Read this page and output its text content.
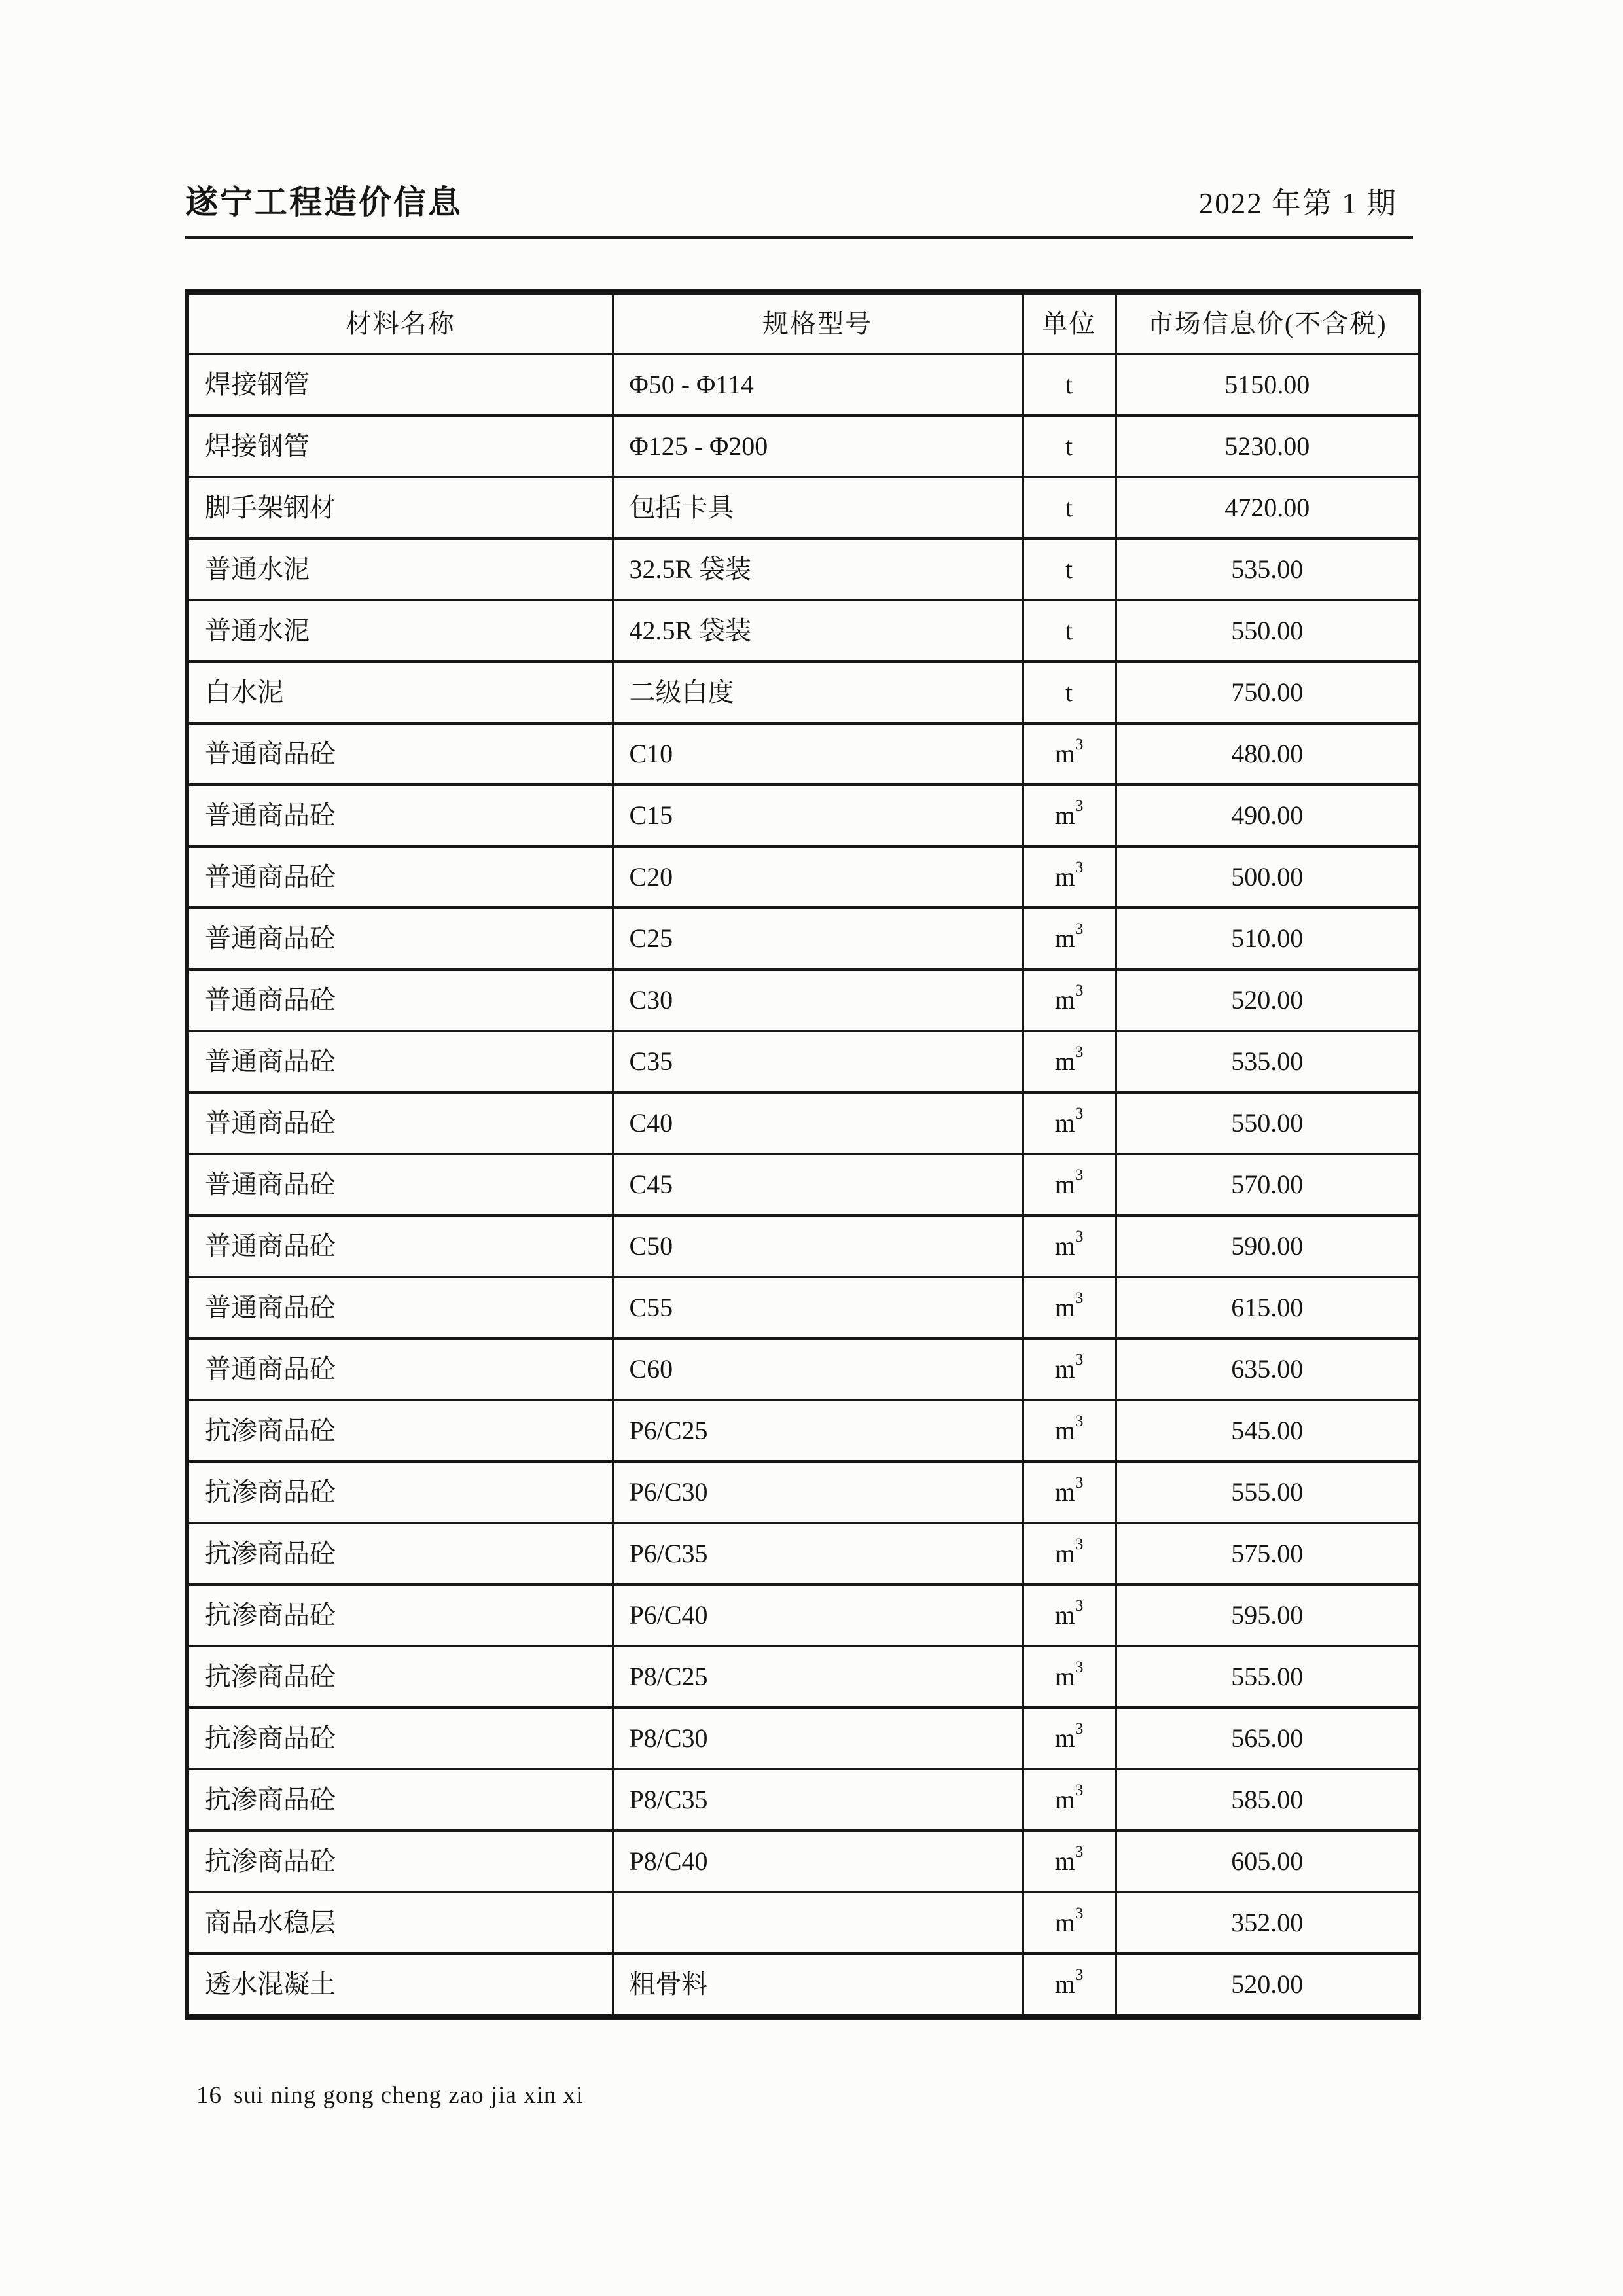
遂宁工程造价信息	2022 年第 1 期
材料名称	规格型号	单位	市场信息价(不含税)
焊接钢管	Φ50 - Φ114	t	5150.00
焊接钢管	Φ125 - Φ200	t	5230.00
脚手架钢材	包括卡具	t	4720.00
普通水泥	32.5R 袋装	t	535.00
普通水泥	42.5R 袋装	t	550.00
白水泥	二级白度	t	750.00
普通商品砼	C10	$m^3$	480.00
普通商品砼	C15	$m^3$	490.00
普通商品砼	C20	$m^3$	500.00
普通商品砼	C25	$m^3$	510.00
普通商品砼	C30	$m^3$	520.00
普通商品砼	C35	$m^3$	535.00
普通商品砼	C40	$m^3$	550.00
普通商品砼	C45	$m^3$	570.00
普通商品砼	C50	$m^3$	590.00
普通商品砼	C55	$m^3$	615.00
普通商品砼	C60	$m^3$	635.00
抗渗商品砼	P6/C25	$m^3$	545.00
抗渗商品砼	P6/C30	$m^3$	555.00
抗渗商品砼	P6/C35	$m^3$	575.00
抗渗商品砼	P6/C40	$m^3$	595.00
抗渗商品砼	P8/C25	$m^3$	555.00
抗渗商品砼	P8/C30	$m^3$	565.00
抗渗商品砼	P8/C35	$m^3$	585.00
抗渗商品砼	P8/C40	$m^3$	605.00
商品水稳层		$m^3$	352.00
透水混凝土	粗骨料	$m^3$	520.00
16 sui ning gong cheng zao jia xin xi
